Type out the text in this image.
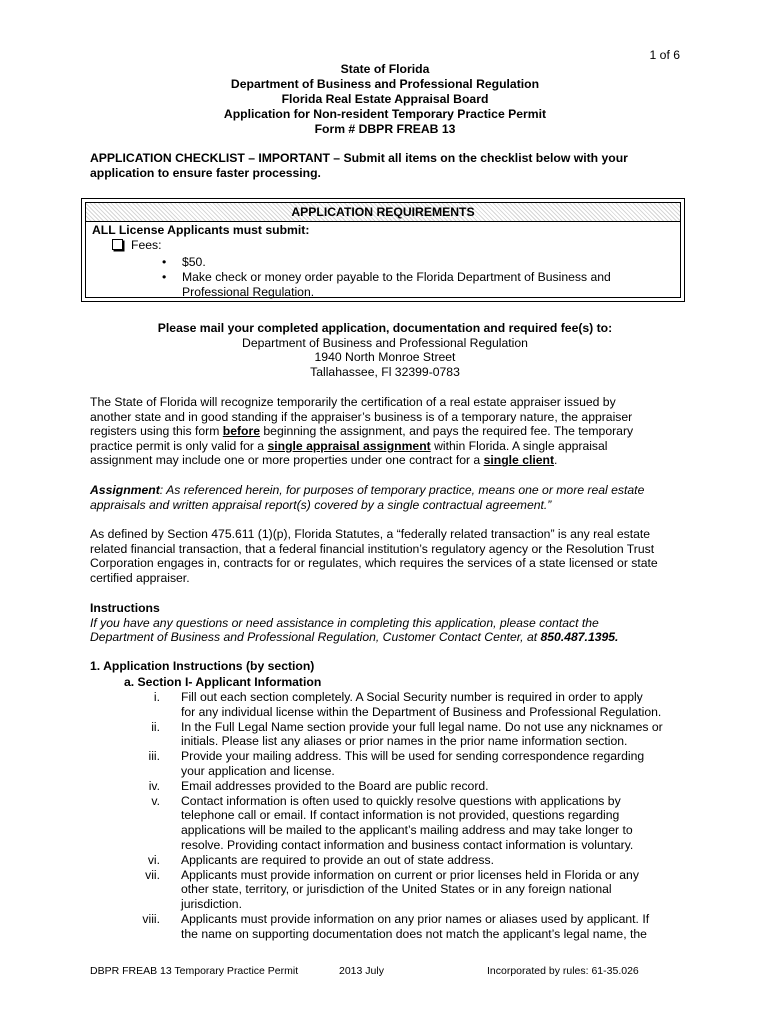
1 of 6
State of Florida
Department of Business and Professional Regulation
Florida Real Estate Appraisal Board
Application for Non-resident Temporary Practice Permit
Form # DBPR FREAB 13
APPLICATION CHECKLIST – IMPORTANT – Submit all items on the checklist below with your
application to ensure faster processing.
APPLICATION REQUIREMENTS
ALL License Applicants must submit:
Fees:
• $50.
• Make check or money order payable to the Florida Department of Business and
Professional Regulation.
Please mail your completed application, documentation and required fee(s) to:
Department of Business and Professional Regulation
1940 North Monroe Street
Tallahassee, Fl 32399-0783
The State of Florida will recognize temporarily the certification of a real estate appraiser issued by
another state and in good standing if the appraiser’s business is of a temporary nature, the appraiser
registers using this form before beginning the assignment, and pays the required fee. The temporary
practice permit is only valid for a single appraisal assignment within Florida. A single appraisal
assignment may include one or more properties under one contract for a single client.
Assignment: As referenced herein, for purposes of temporary practice, means one or more real estate
appraisals and written appraisal report(s) covered by a single contractual agreement.”
As defined by Section 475.611 (1)(p), Florida Statutes, a “federally related transaction” is any real estate
related financial transaction, that a federal financial institution’s regulatory agency or the Resolution Trust
Corporation engages in, contracts for or regulates, which requires the services of a state licensed or state
certified appraiser.
Instructions
If you have any questions or need assistance in completing this application, please contact the
Department of Business and Professional Regulation, Customer Contact Center, at 850.487.1395.
1. Application Instructions (by section)
a. Section I- Applicant Information
i. Fill out each section completely. A Social Security number is required in order to apply
for any individual license within the Department of Business and Professional Regulation.
ii. In the Full Legal Name section provide your full legal name. Do not use any nicknames or
initials. Please list any aliases or prior names in the prior name information section.
iii. Provide your mailing address. This will be used for sending correspondence regarding
your application and license.
iv. Email addresses provided to the Board are public record.
v. Contact information is often used to quickly resolve questions with applications by
telephone call or email. If contact information is not provided, questions regarding
applications will be mailed to the applicant’s mailing address and may take longer to
resolve. Providing contact information and business contact information is voluntary.
vi. Applicants are required to provide an out of state address.
vii. Applicants must provide information on current or prior licenses held in Florida or any
other state, territory, or jurisdiction of the United States or in any foreign national
jurisdiction.
viii. Applicants must provide information on any prior names or aliases used by applicant. If
the name on supporting documentation does not match the applicant’s legal name, the
DBPR FREAB 13 Temporary Practice Permit	2013 July	Incorporated by rules: 61-35.026
